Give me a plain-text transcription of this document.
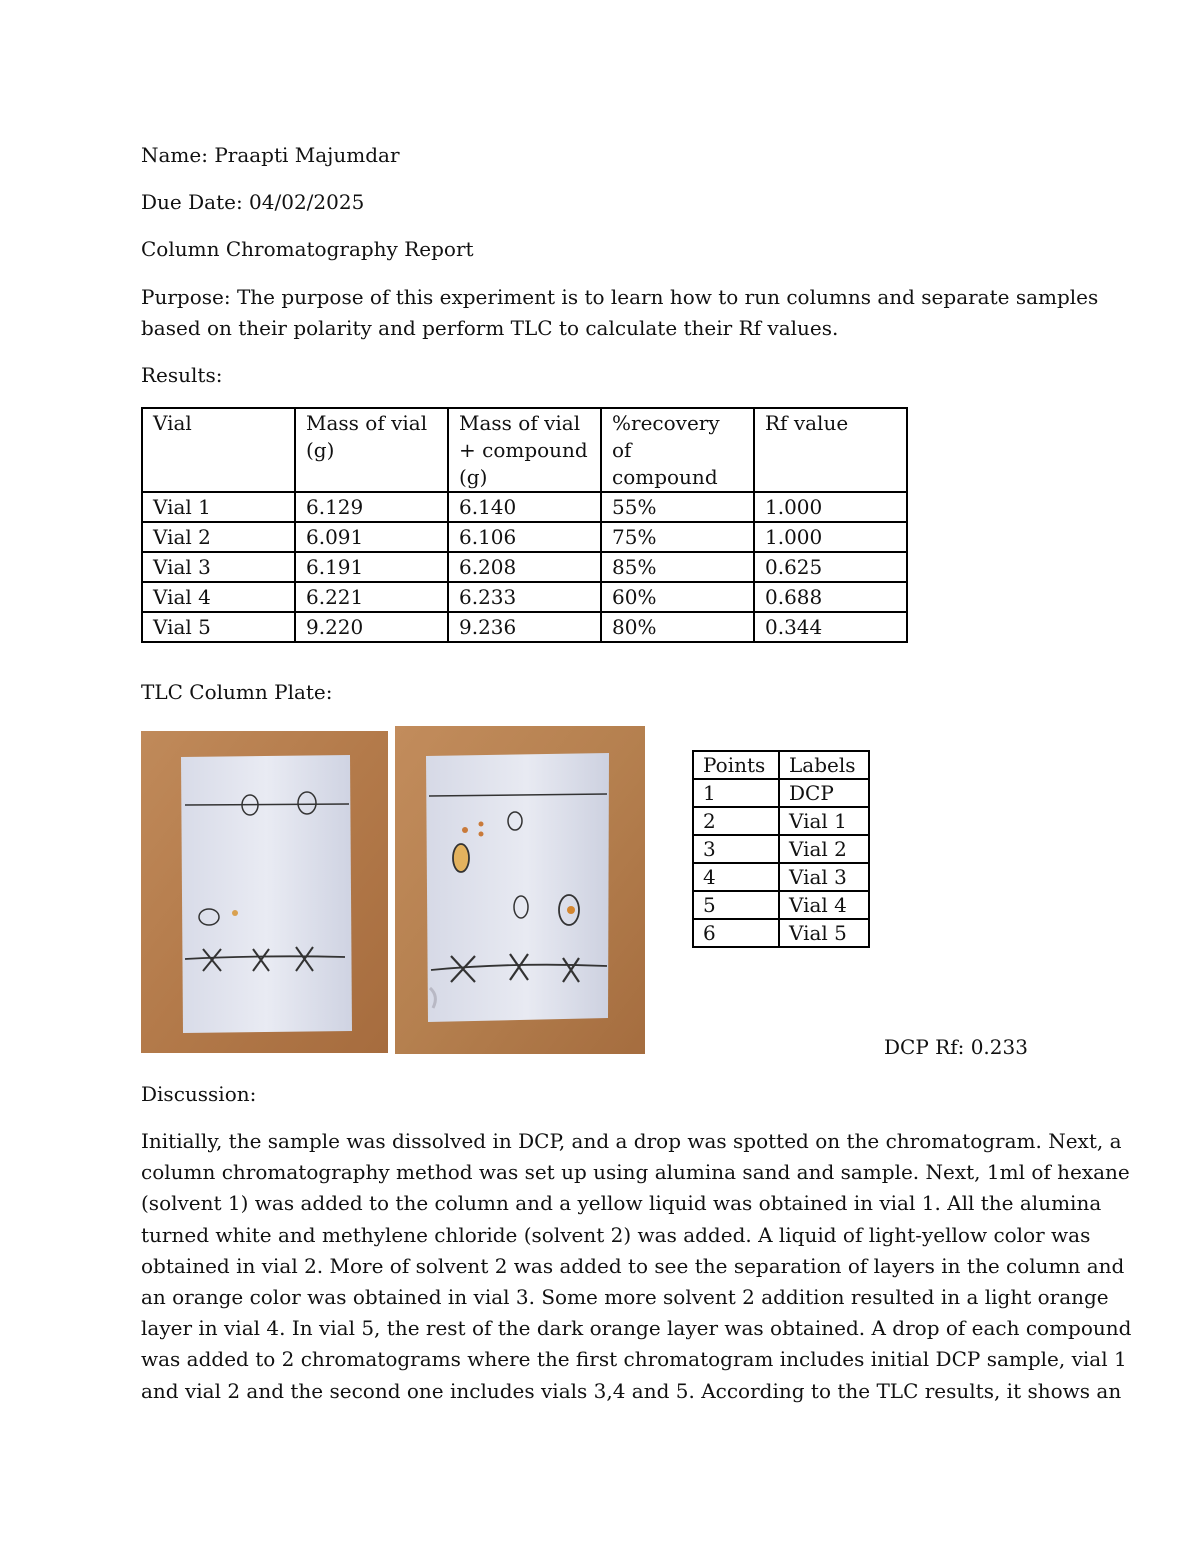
Name: Praapti Majumdar
Due Date: 04/02/2025
Column Chromatography Report
Purpose: The purpose of this experiment is to learn how to run columns and separate samples
based on their polarity and perform TLC to calculate their Rf values.
Results:
Vial	Mass of vial (g)	Mass of vial + compound (g)	%recovery of compound	Rf value
Vial 1	6.129	6.140	55%	1.000
Vial 2	6.091	6.106	75%	1.000
Vial 3	6.191	6.208	85%	0.625
Vial 4	6.221	6.233	60%	0.688
Vial 5	9.220	9.236	80%	0.344
TLC Column Plate:
Points	Labels
1	DCP
2	Vial 1
3	Vial 2
4	Vial 3
5	Vial 4
6	Vial 5
DCP Rf: 0.233
Discussion:
Initially, the sample was dissolved in DCP, and a drop was spotted on the chromatogram. Next, a
column chromatography method was set up using alumina sand and sample. Next, 1ml of hexane
(solvent 1) was added to the column and a yellow liquid was obtained in vial 1. All the alumina
turned white and methylene chloride (solvent 2) was added. A liquid of light-yellow color was
obtained in vial 2. More of solvent 2 was added to see the separation of layers in the column and
an orange color was obtained in vial 3. Some more solvent 2 addition resulted in a light orange
layer in vial 4. In vial 5, the rest of the dark orange layer was obtained. A drop of each compound
was added to 2 chromatograms where the first chromatogram includes initial DCP sample, vial 1
and vial 2 and the second one includes vials 3,4 and 5. According to the TLC results, it shows an
